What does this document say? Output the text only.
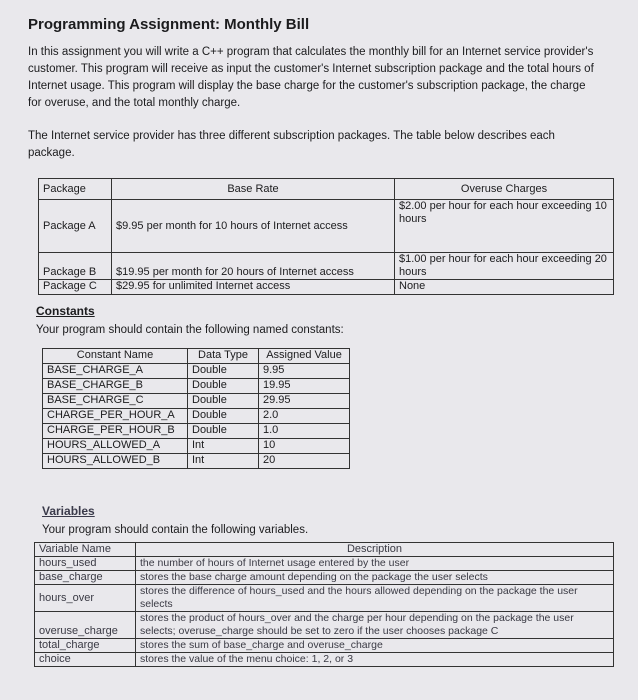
Programming Assignment: Monthly Bill

In this assignment you will write a C++ program that calculates the monthly bill for an Internet service provider's customer. This program will receive as input the customer's Internet subscription package and the total hours of Internet usage. This program will display the base charge for the customer's subscription package, the charge for overuse, and the total monthly charge.

The Internet service provider has three different subscription packages. The table below describes each package.

Package	Base Rate	Overuse Charges
Package A	$9.95 per month for 10 hours of Internet access	$2.00 per hour for each hour exceeding 10 hours
Package B	$19.95 per month for 20 hours of Internet access	$1.00 per hour for each hour exceeding 20 hours
Package C	$29.95 for unlimited Internet access	None
Constants

Your program should contain the following named constants:

Constant Name	Data Type	Assigned Value
BASE_CHARGE_A	Double	9.95
BASE_CHARGE_B	Double	19.95
BASE_CHARGE_C	Double	29.95
CHARGE_PER_HOUR_A	Double	2.0
CHARGE_PER_HOUR_B	Double	1.0
HOURS_ALLOWED_A	Int	10
HOURS_ALLOWED_B	Int	20
Variables

Your program should contain the following variables.

Variable Name	Description
hours_used	the number of hours of Internet usage entered by the user
base_charge	stores the base charge amount depending on the package the user selects
hours_over	stores the difference of hours_used and the hours allowed depending on the package the user selects
overuse_charge	stores the product of hours_over and the charge per hour depending on the package the user selects; overuse_charge should be set to zero if the user chooses package C
total_charge	stores the sum of base_charge and overuse_charge
choice	stores the value of the menu choice: 1, 2, or 3
